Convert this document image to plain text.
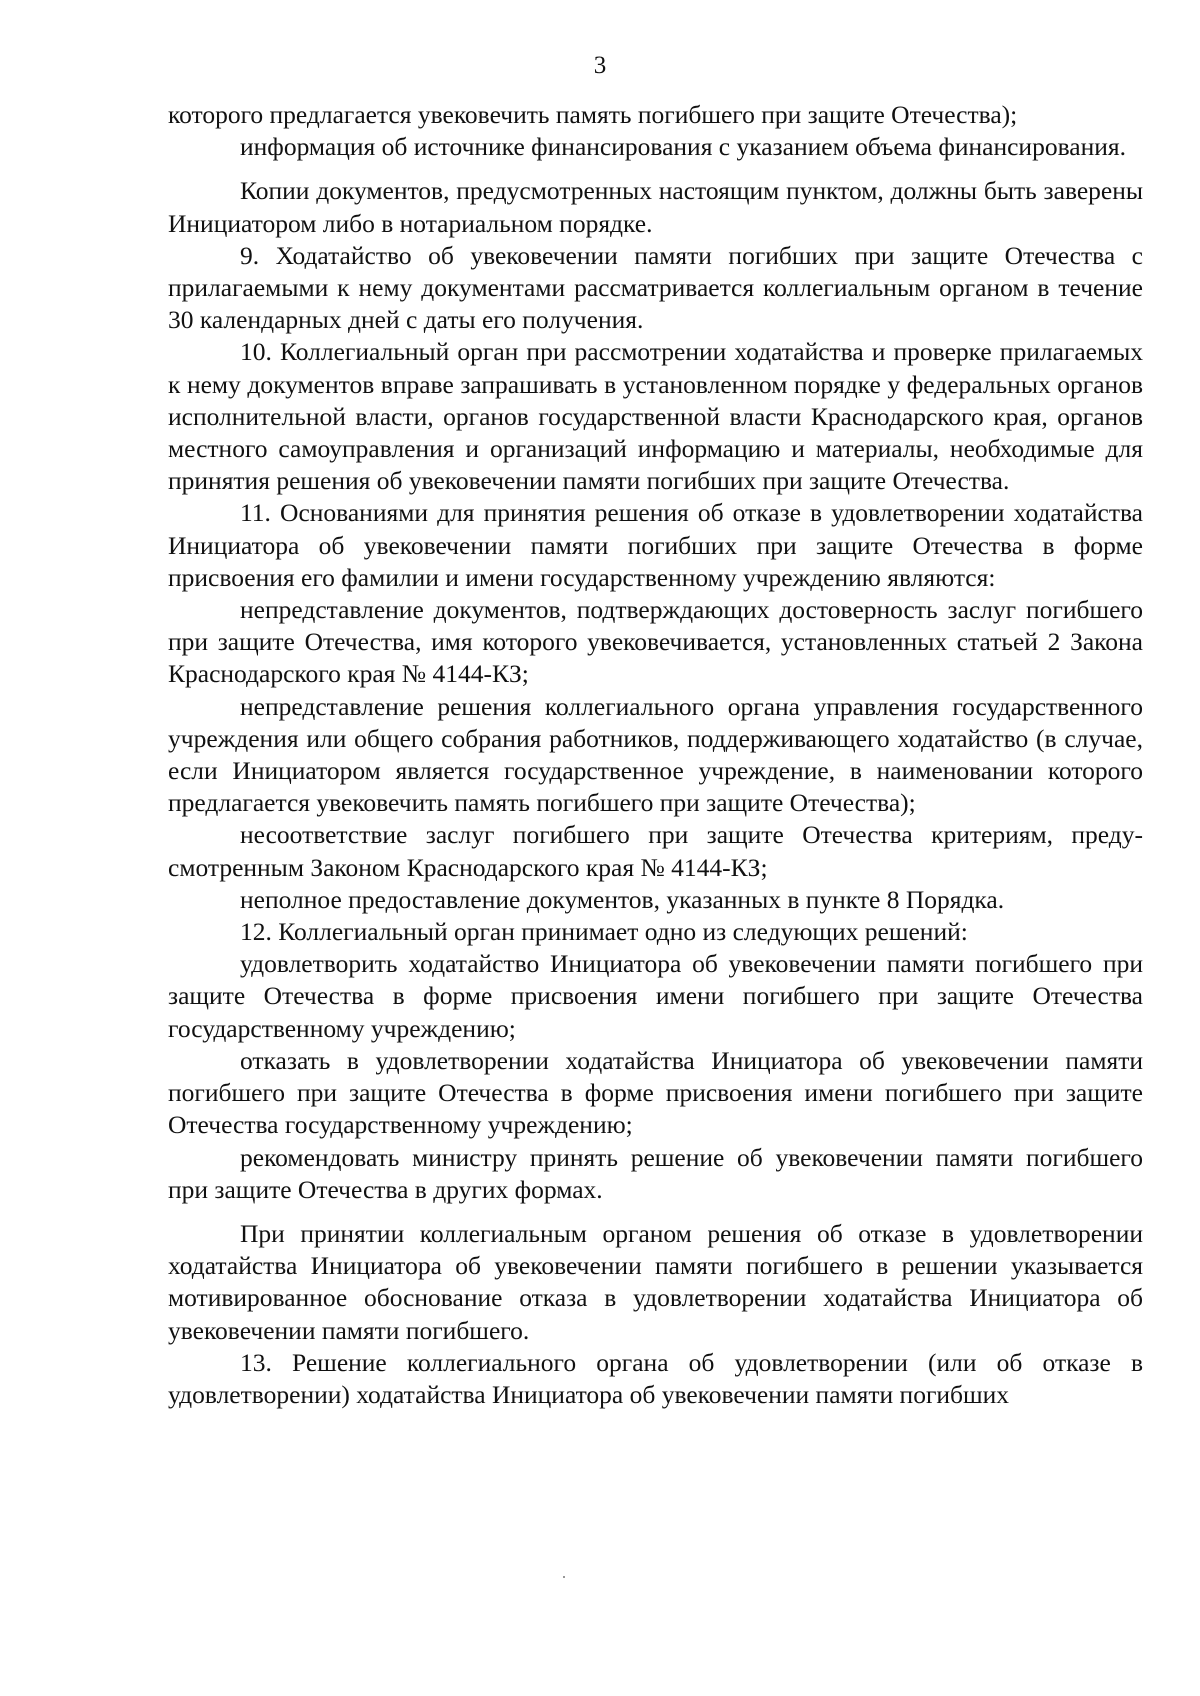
3

которого предлагается увековечить память погибшего при защите Отечества);

информация об источнике финансирования с указанием объема финансирования.

Копии документов, предусмотренных настоящим пунктом, должны быть заверены Инициатором либо в нотариальном порядке.

9. Ходатайство об увековечении памяти погибших при защите Отечества с прилагаемыми к нему документами рассматривается коллегиальным органом в течение 30 календарных дней с даты его получения.

10. Коллегиальный орган при рассмотрении ходатайства и проверке прилагаемых к нему документов вправе запрашивать в установленном порядке у федеральных органов исполнительной власти, органов государственной власти Краснодарского края, органов местного самоуправления и организаций информацию и материалы, необходимые для принятия решения об увековечении памяти погибших при защите Отечества.

11. Основаниями для принятия решения об отказе в удовлетворении ходатайства Инициатора об увековечении памяти погибших при защите Отечества в форме присвоения его фамилии и имени государственному учреждению являются:

непредставление документов, подтверждающих достоверность заслуг погибшего при защите Отечества, имя которого увековечивается, установленных статьей 2 Закона Краснодарского края № 4144-КЗ;

непредставление решения коллегиального органа управления государственного учреждения или общего собрания работников, поддерживающего ходатайство (в случае, если Инициатором является государственное учреждение, в наименовании которого предлагается увековечить память погибшего при защите Отечества);

несоответствие заслуг погибшего при защите Отечества критериям, предусмотренным Законом Краснодарского края № 4144-КЗ;

неполное предоставление документов, указанных в пункте 8 Порядка.

12. Коллегиальный орган принимает одно из следующих решений:

удовлетворить ходатайство Инициатора об увековечении памяти погибшего при защите Отечества в форме присвоения имени погибшего при защите Отечества государственному учреждению;

отказать в удовлетворении ходатайства Инициатора об увековечении памяти погибшего при защите Отечества в форме присвоения имени погибшего при защите Отечества государственному учреждению;

рекомендовать министру принять решение об увековечении памяти погибшего при защите Отечества в других формах.

При принятии коллегиальным органом решения об отказе в удовлетворении ходатайства Инициатора об увековечении памяти погибшего в решении указывается мотивированное обоснование отказа в удовлетворении ходатайства Инициатора об увековечении памяти погибшего.

13. Решение коллегиального органа об удовлетворении (или об отказе в удовлетворении) ходатайства Инициатора об увековечении памяти погибших
